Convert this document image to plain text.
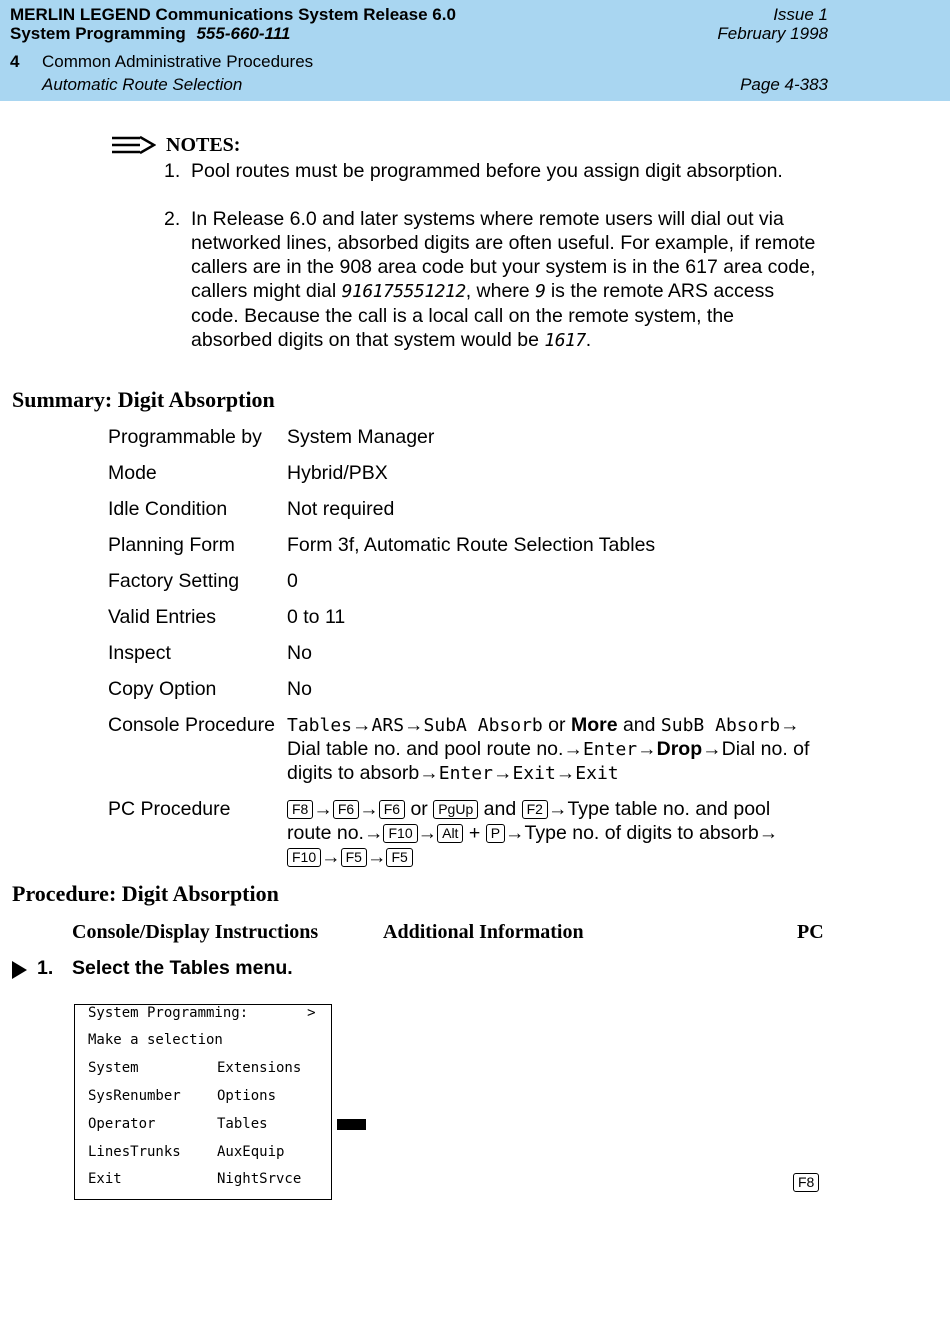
MERLIN LEGEND Communications System Release 6.0
System Programming 555-660-111
Issue 1
February 1998
4 Common Administrative Procedures
Automatic Route Selection	Page 4-383
NOTES:
1. Pool routes must be programmed before you assign digit absorption.
2. In Release 6.0 and later systems where remote users will dial out via
networked lines, absorbed digits are often useful. For example, if remote
callers are in the 908 area code but your system is in the 617 area code,
callers might dial 916175551212, where 9 is the remote ARS access
code. Because the call is a local call on the remote system, the
absorbed digits on that system would be 1617.
Summary: Digit Absorption
Programmable by System Manager
Mode	Hybrid/PBX
Idle Condition	Not required
Planning Form	Form 3f, Automatic Route Selection Tables
Factory Setting 0
Valid Entries	0 to 11
Inspect	No
Copy Option	No
Console Procedure Tables→ARS→SubA Absorb or More and SubB Absorb→
Dial table no. and pool route no.→Enter→Drop→Dial no. of
digits to absorb→Enter→Exit→Exit
PC Procedure	F8 → F6 → F6 or PgUp and F2 →Type table no. and pool
route no.→ F10 → Alt + P →Type no. of digits to absorb→
F10 → F5 → F5
Procedure: Digit Absorption
Console/Display Instructions	Additional Information	PC
1. Select the Tables menu.
System Programming:       >
Make a selection
System	Extensions
SysRenumber	Options
Operator	Tables
LinesTrunks	AuxEquip
Exit	NightSrvce	F8
